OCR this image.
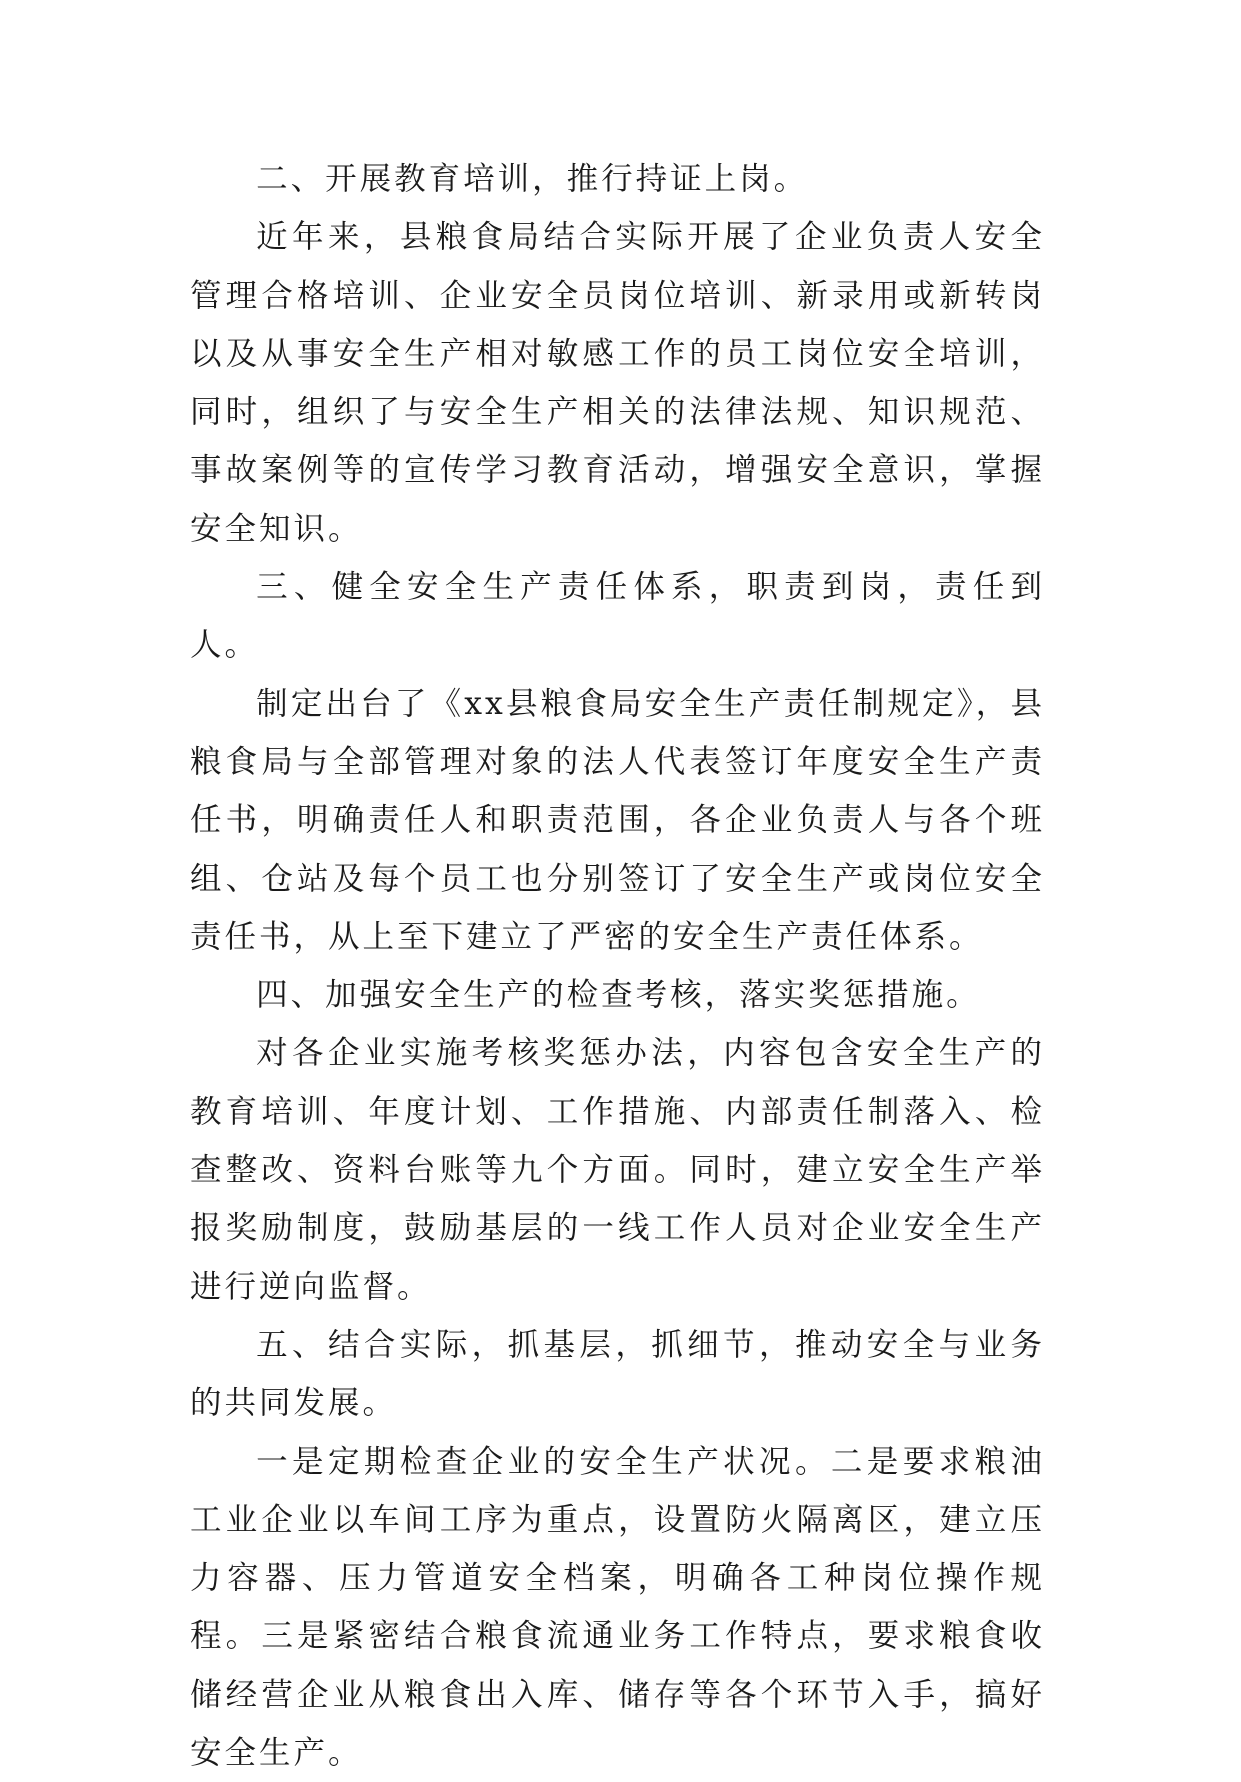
二、开展教育培训，推行持证上岗。

近年来，县粮食局结合实际开展了企业负责人安全管理合格培训、企业安全员岗位培训、新录用或新转岗以及从事安全生产相对敏感工作的员工岗位安全培训，同时，组织了与安全生产相关的法律法规、知识规范、事故案例等的宣传学习教育活动，增强安全意识，掌握安全知识。

三、健全安全生产责任体系，职责到岗，责任到人。

制定出台了《xx县粮食局安全生产责任制规定》，县粮食局与全部管理对象的法人代表签订年度安全生产责任书，明确责任人和职责范围，各企业负责人与各个班组、仓站及每个员工也分别签订了安全生产或岗位安全责任书，从上至下建立了严密的安全生产责任体系。

四、加强安全生产的检查考核，落实奖惩措施。

对各企业实施考核奖惩办法，内容包含安全生产的教育培训、年度计划、工作措施、内部责任制落入、检查整改、资料台账等九个方面。同时，建立安全生产举报奖励制度，鼓励基层的一线工作人员对企业安全生产进行逆向监督。

五、结合实际，抓基层，抓细节，推动安全与业务的共同发展。

一是定期检查企业的安全生产状况。二是要求粮油工业企业以车间工序为重点，设置防火隔离区，建立压力容器、压力管道安全档案，明确各工种岗位操作规程。三是紧密结合粮食流通业务工作特点，要求粮食收储经营企业从粮食出入库、储存等各个环节入手，搞好安全生产。
